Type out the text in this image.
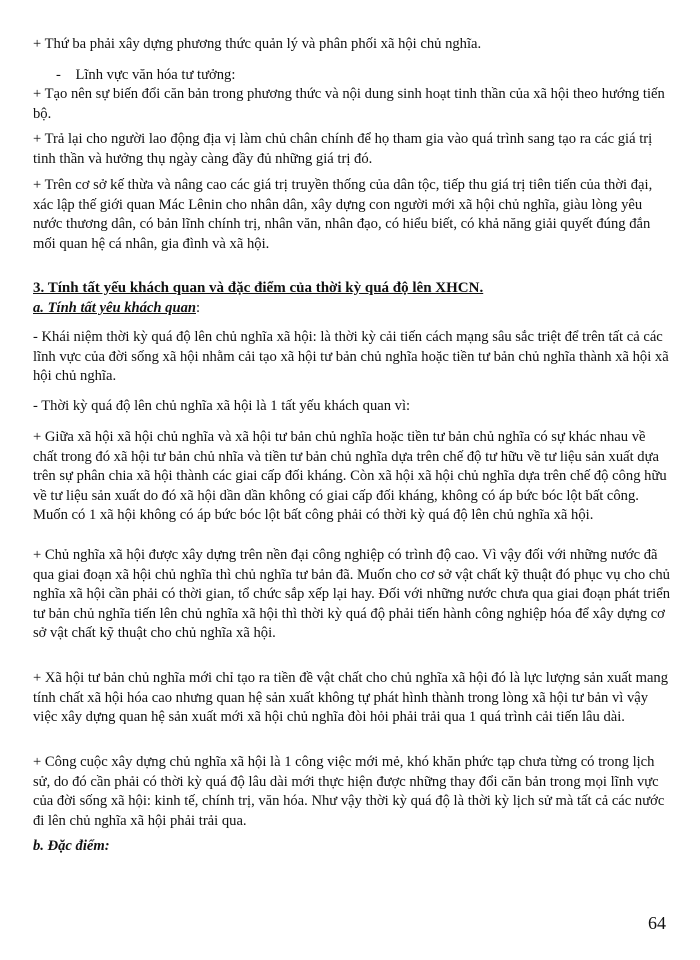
+ Thứ ba phải xây dựng phương thức quản lý và phân phối xã hội chủ nghĩa.

-    Lĩnh vực văn hóa tư tưởng:

+ Tạo nên sự biến đổi căn bản trong phương thức và nội dung sinh hoạt tinh thần của xã hội theo hướng tiến bộ.

+ Trả lại cho người lao động địa vị làm chủ chân chính để họ tham gia vào quá trình sang tạo ra các giá trị tinh thần và hưởng thụ ngày càng đầy đủ những giá trị đó.

+ Trên cơ sở kế thừa và nâng cao các giá trị truyền thống của dân tộc, tiếp thu giá trị tiên tiến của thời đại, xác lập thế giới quan Mác Lênin cho nhân dân, xây dựng con người mới xã hội chủ nghĩa, giàu lòng yêu nước thương dân, có bản lĩnh chính trị, nhân văn, nhân đạo, có hiểu biết, có khả năng giải quyết đúng đắn mối quan hệ cá nhân, gia đình và xã hội.

3. Tính tất yếu khách quan và đặc điểm của thời kỳ quá độ lên XHCN.

a. Tính tất yêu khách quan:

- Khái niệm thời kỳ quá độ lên chủ nghĩa xã hội: là thời kỳ cải tiến cách mạng sâu sắc triệt để trên tất cả các lĩnh vực của đời sống xã hội nhằm cải tạo xã hội tư bản chủ nghĩa hoặc tiền tư bản chủ nghĩa thành xã hội xã hội chủ nghĩa.

- Thời kỳ quá độ lên chủ nghĩa xã hội là 1 tất yếu khách quan vì:

+ Giữa xã hội xã hội chủ nghĩa và xã hội tư bản chủ nghĩa hoặc tiền tư bản chủ nghĩa có sự khác nhau về chất trong đó xã hội tư bản chủ nhĩa và tiền tư bản chủ nghĩa dựa trên chế độ tư hữu về tư liệu sản xuất dựa trên sự phân chia xã hội thành các giai cấp đối kháng. Còn xã hội xã hội chủ nghĩa dựa trên chế độ công hữu về tư liệu sản xuất do đó xã hội dần dần không có giai cấp đối kháng, không có áp bức bóc lột bất công. Muốn có 1 xã hội không có áp bức bóc lột bất công phải có thời kỳ quá độ lên chủ nghĩa xã hội.

+ Chủ nghĩa xã hội được xây dựng trên nền đại công nghiệp có trình độ cao. Vì vậy đối với những nước đã qua giai đoạn xã hội chủ nghĩa thì chủ nghĩa tư bản đã. Muốn cho cơ sở vật chất kỹ thuật đó phục vụ cho chủ nghĩa xã hội cần phải có thời gian, tổ chức sắp xếp lại hay. Đối với những nước chưa qua giai đoạn phát triển tư bản chủ nghĩa tiến lên chủ nghĩa xã hội thì thời kỳ quá độ phải tiến hành công nghiệp hóa để xây dựng cơ sở vật chất kỹ thuật cho chủ nghĩa xã hội.

+ Xã hội tư bản chủ nghĩa mới chỉ tạo ra tiền đề vật chất cho chủ nghĩa xã hội đó là lực lượng sản xuất mang tính chất xã hội hóa cao nhưng quan hệ sản xuất không tự phát hình thành trong lòng xã hội tư bản vì vậy việc xây dựng quan hệ sản xuất mới xã hội chủ nghĩa đòi hỏi phải trải qua 1 quá trình cải tiến lâu dài.

+ Công cuộc xây dựng chủ nghĩa xã hội là 1 công việc mới mẻ, khó khăn phức tạp chưa từng có trong lịch sử, do đó cần phải có thời kỳ quá độ lâu dài mới thực hiện được những thay đổi căn bản trong mọi lĩnh vực của đời sống xã hội: kinh tế, chính trị, văn hóa. Như vậy thời kỳ quá độ là thời kỳ lịch sử mà tất cả các nước đi lên chủ nghĩa xã hội phải trải qua.

b. Đặc điểm:

64
